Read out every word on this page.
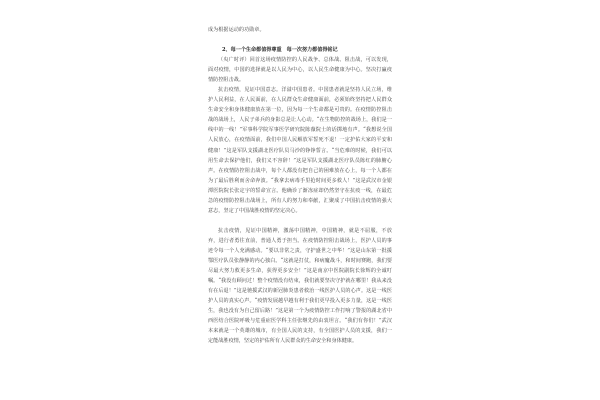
成为根据运动的功勋章。

2、每一个生命都值得尊重　每一次努力都值得铭记

（央广时评）回首这场疫情防控的人民战争、总体战、阻击战，可以发现，面对疫情，中国的选择就是以人民为中心，以人民生命健康为中心。坚决打赢疫情防控阻击战。

抗击疫情，见证中国意志。洋溢中国患者。中国患者就是坚持人民立场，维护人民利益，在人民面前，在人民群众生命健康面前，必须始终坚持把人民群众生命安全和身体健康放在第一位，因为每一个生命都是可贵的。在疫情防控阻击战的战场上，人民子弟兵的身影总是让人心动。“在生物防控的战场上，我们是一线中的一线！”军事科学院军事医学研究院陈薇院士的话掷地有声。“我想说全国人民放心，在疫情面前，我们中国人民解放军誓死不退！一定护佑大家的平安和健康！”这是军队支援湖北医疗队员马沙的铮铮誓言。“当危难的时候，我们可以用生命去保护他们，我们义不容辞！”这是军队支援湖北医疗队员陈红的肺腑心声。在疫情防控阻击战中，每个人都没有把自己的困难放在心上，每一个人都在为了最后胜利而舍命奔波。“我拿去病毒手里抢时间更多救人！”这是武汉市金银潭医院院长张定宇的誓命宣言。他确诊了渐冻症却仍然坚守在抗疫一线，在最危急的疫情防控阻击战场上，所有人的努力和奉献，汇聚成了中国抗击疫情的强大意志，坚定了中国战胜疫情的坚定决心。

抗击疫情，见证中国精神，激荡中国精神，中国精神，就是不屈服，不放弃，进行者勇往直前，普通人勇于担当。在疫情防控阻击战场上，医护人员的事迹令每一个人充满感动。“要以非常之责，守护盛世之中华！”这是山东第一批援鄂医疗队员张静静的内心独白。“这就是打仗，和病魔战斗，和时间赛跑，我们要尽最大努力救更多生命，获得更多安全！”这是南京中医院副院长徐辉的全诚叮嘱。“我没有顾问过！整个疫情没有结束，我们就要坚决守护就在哪里！我从来没有在后退！”这是驰援武汉的新冠肺炎患者救治一线医护人员的心声。这是一线医护人员的真实心声。“疫情发展越早越有利于我们更早投入更多力量，这是一线医生，我也没有为自己留后路！”这是第一个为疫情防控工作打响了警报的湖北省中西医结合医院呼吸与危重症医学科主任张继先的由衷坦言。“我们有你们！”武汉本来就是一个英雄的城市，有全国人民的支持，有全国医护人员的支援，我们一定能战胜疫情，坚定的护佑所有人民群众的生命安全和身体健康。
